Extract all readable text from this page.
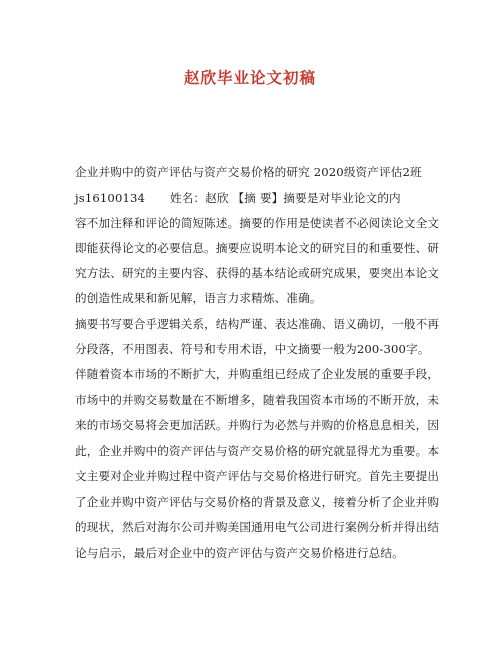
赵欣毕业论文初稿
企业并购中的资产评估与资产交易价格的研究 2020级资产评估2班
js16100134 姓名：赵欣 【摘 要】摘要是对毕业论文的内
容不加注释和评论的简短陈述。摘要的作用是使读者不必阅读论文全文
即能获得论文的必要信息。摘要应说明本论文的研究目的和重要性、研
究方法、研究的主要内容、获得的基本结论或研究成果，要突出本论文
的创造性成果和新见解，语言力求精炼、准确。
摘要书写要合乎逻辑关系，结构严谨、表达准确、语义确切，一般不再
分段落，不用图表、符号和专用术语，中文摘要一般为200-300字。
伴随着资本市场的不断扩大，并购重组已经成了企业发展的重要手段，
市场中的并购交易数量在不断增多，随着我国资本市场的不断开放，未
来的市场交易将会更加活跃。并购行为必然与并购的价格息息相关，因
此，企业并购中的资产评估与资产交易价格的研究就显得尤为重要。本
文主要对企业并购过程中资产评估与交易价格进行研究。首先主要提出
了企业并购中资产评估与交易价格的背景及意义，接着分析了企业并购
的现状，然后对海尔公司并购美国通用电气公司进行案例分析并得出结
论与启示，最后对企业中的资产评估与资产交易价格进行总结。
